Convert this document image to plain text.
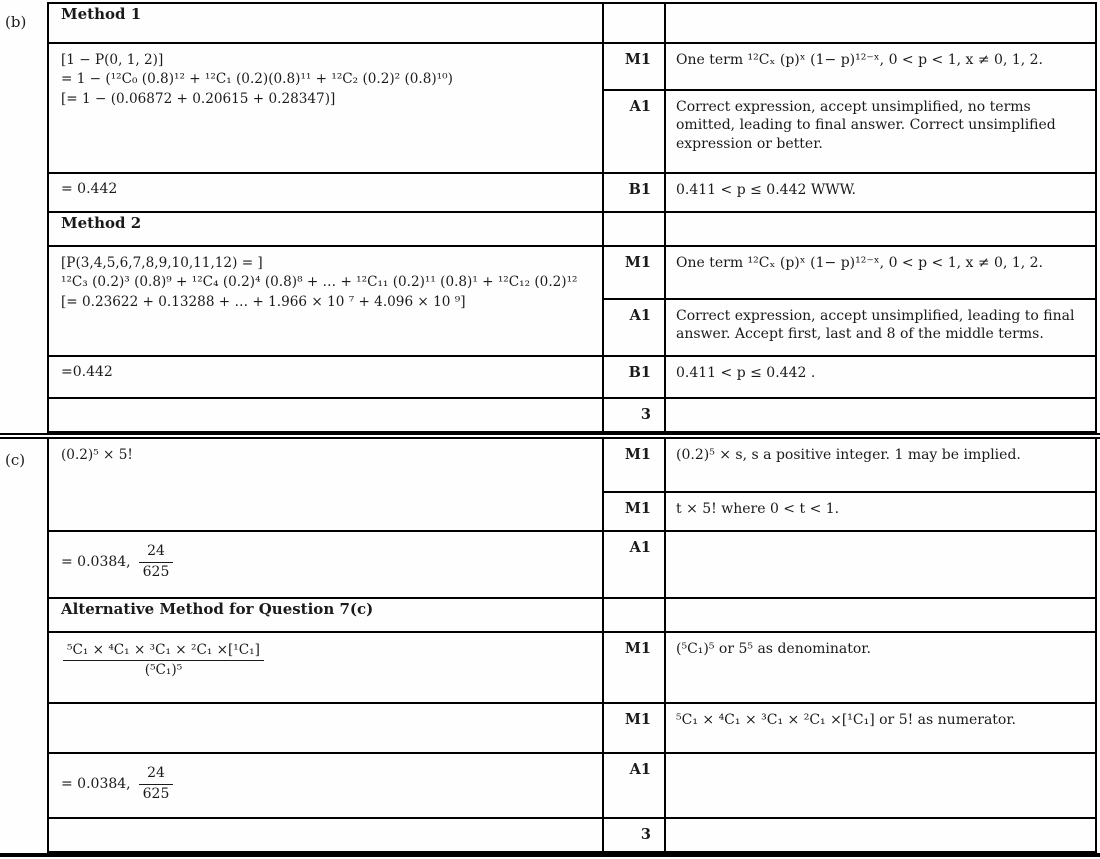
(b)
(c)
Method 1
[1 − P(0, 1, 2)]
= 1 − (¹²C₀ (0.8)¹² + ¹²C₁ (0.2)(0.8)¹¹ + ¹²C₂ (0.2)² (0.8)¹⁰)
[= 1 − (0.06872 + 0.20615 + 0.28347)]
M1	One term ¹²Cₓ (p)ˣ (1− p)¹²⁻ˣ, 0 < p < 1, x ≠ 0, 1, 2.
A1	Correct expression, accept unsimplified, no terms omitted, leading to final answer. Correct unsimplified expression or better.
= 0.442	B1	0.411 < p ≤ 0.442 WWW.
Method 2
[P(3,4,5,6,7,8,9,10,11,12) = ]
¹²C₃ (0.2)³ (0.8)⁹ + ¹²C₄ (0.2)⁴ (0.8)⁸ + … + ¹²C₁₁ (0.2)¹¹ (0.8)¹ + ¹²C₁₂ (0.2)¹²
[= 0.23622 + 0.13288 + … + 1.966 × 10 ⁷ + 4.096 × 10 ⁹]
M1	One term ¹²Cₓ (p)ˣ (1− p)¹²⁻ˣ, 0 < p < 1, x ≠ 0, 1, 2.
A1	Correct expression, accept unsimplified, leading to final answer. Accept first, last and 8 of the middle terms.
=0.442	B1	0.411 < p ≤ 0.442 .
3
(0.2)⁵ × 5!	M1	(0.2)⁵ × s, s a positive integer. 1 may be implied.
M1	t × 5! where 0 < t < 1.
= 0.0384, $\frac{24}{625}$	A1
Alternative Method for Question 7(c)
$\frac{\text{⁵C₁ × ⁴C₁ × ³C₁ × ²C₁ ×[¹C₁]}}{\text{(⁵C₁)⁵}}$	M1	(⁵C₁)⁵ or 5⁵ as denominator.
M1	⁵C₁ × ⁴C₁ × ³C₁ × ²C₁ ×[¹C₁] or 5! as numerator.
= 0.0384, $\frac{24}{625}$	A1
3
